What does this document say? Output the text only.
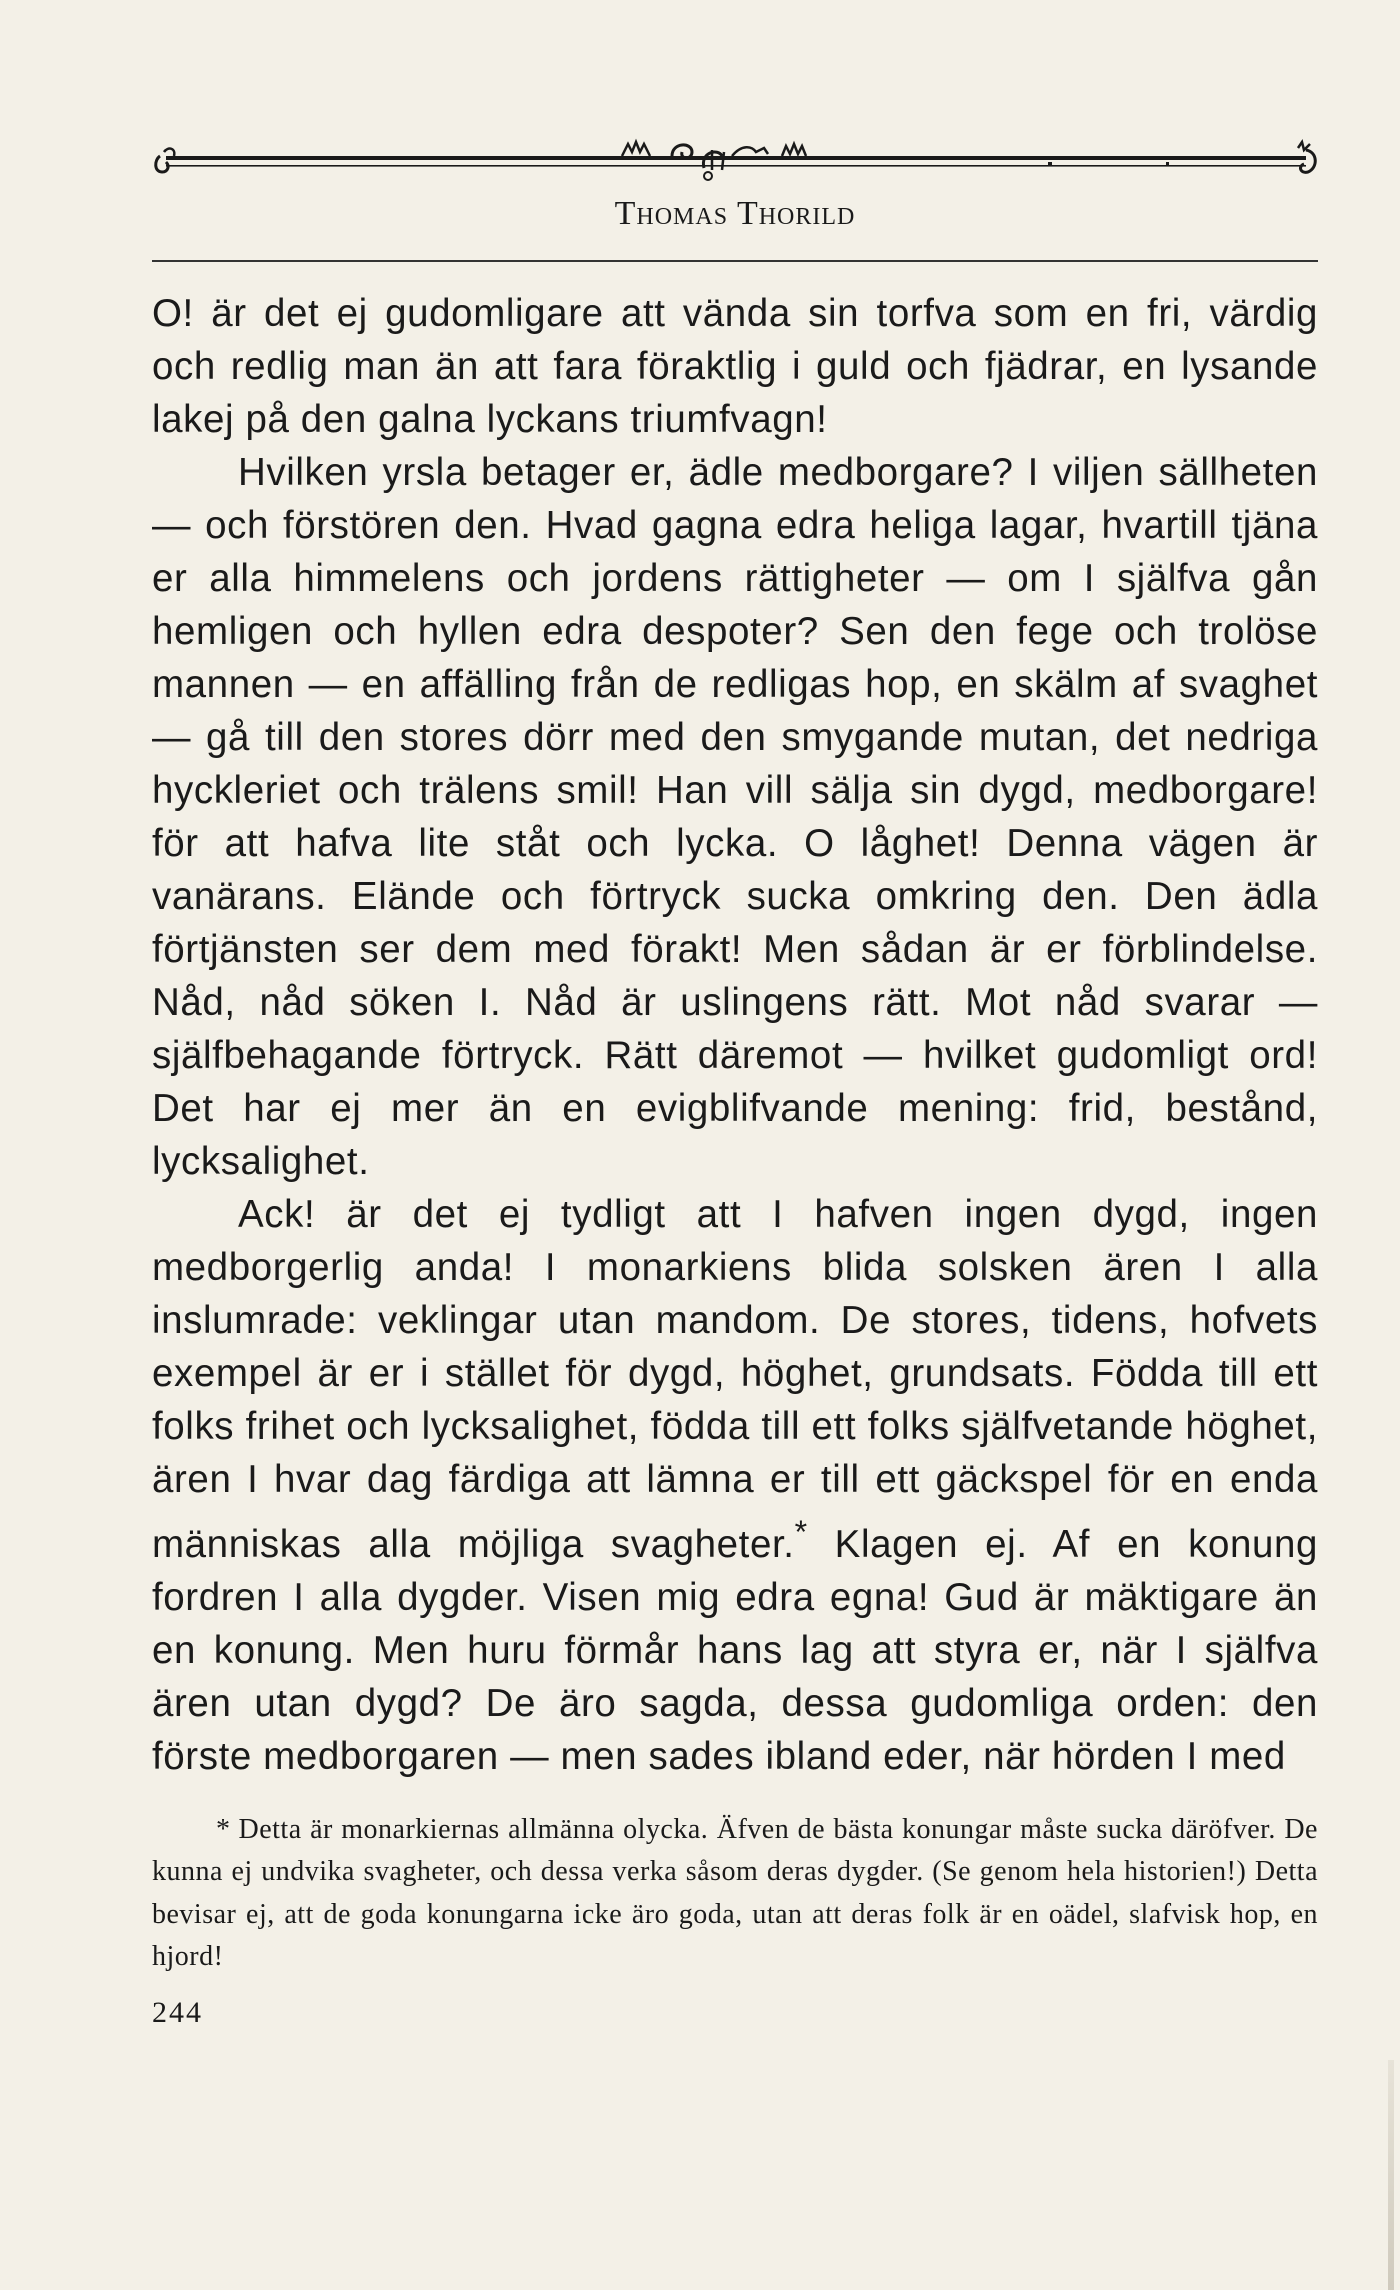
Thomas Thorild

O! är det ej gudomligare att vända sin torfva som en fri, värdig och redlig man än att fara föraktlig i guld och fjädrar, en lysande lakej på den galna lyckans triumfvagn!

Hvilken yrsla betager er, ädle medborgare? I viljen sällheten — och förstören den. Hvad gagna edra heliga lagar, hvartill tjäna er alla himmelens och jordens rättigheter — om I själfva gån hemligen och hyllen edra despoter? Sen den fege och trolöse mannen — en affälling från de redligas hop, en skälm af svaghet — gå till den stores dörr med den smygande mutan, det nedriga hyckleriet och trälens smil! Han vill sälja sin dygd, medborgare! för att hafva lite ståt och lycka. O låghet! Denna vägen är vanärans. Elände och förtryck sucka omkring den. Den ädla förtjänsten ser dem med förakt! Men sådan är er förblindelse. Nåd, nåd söken I. Nåd är uslingens rätt. Mot nåd svarar — själfbehagande förtryck. Rätt däremot — hvilket gudomligt ord! Det har ej mer än en evigblifvande mening: frid, bestånd, lycksalighet.

Ack! är det ej tydligt att I hafven ingen dygd, ingen medborgerlig anda! I monarkiens blida solsken ären I alla inslumrade: veklingar utan mandom. De stores, tidens, hofvets exempel är er i stället för dygd, höghet, grundsats. Födda till ett folks frihet och lycksalighet, födda till ett folks själfvetande höghet, ären I hvar dag färdiga att lämna er till ett gäckspel för en enda människas alla möjliga svagheter.* Klagen ej. Af en konung fordren I alla dygder. Visen mig edra egna! Gud är mäktigare än en konung. Men huru förmår hans lag att styra er, när I själfva ären utan dygd? De äro sagda, dessa gudomliga orden: den förste medborgaren — men sades ibland eder, när hörden I med

* Detta är monarkiernas allmänna olycka. Äfven de bästa konungar måste sucka däröfver. De kunna ej undvika svagheter, och dessa verka såsom deras dygder. (Se genom hela historien!) Detta bevisar ej, att de goda konungarna icke äro goda, utan att deras folk är en oädel, slafvisk hop, en hjord!
244
